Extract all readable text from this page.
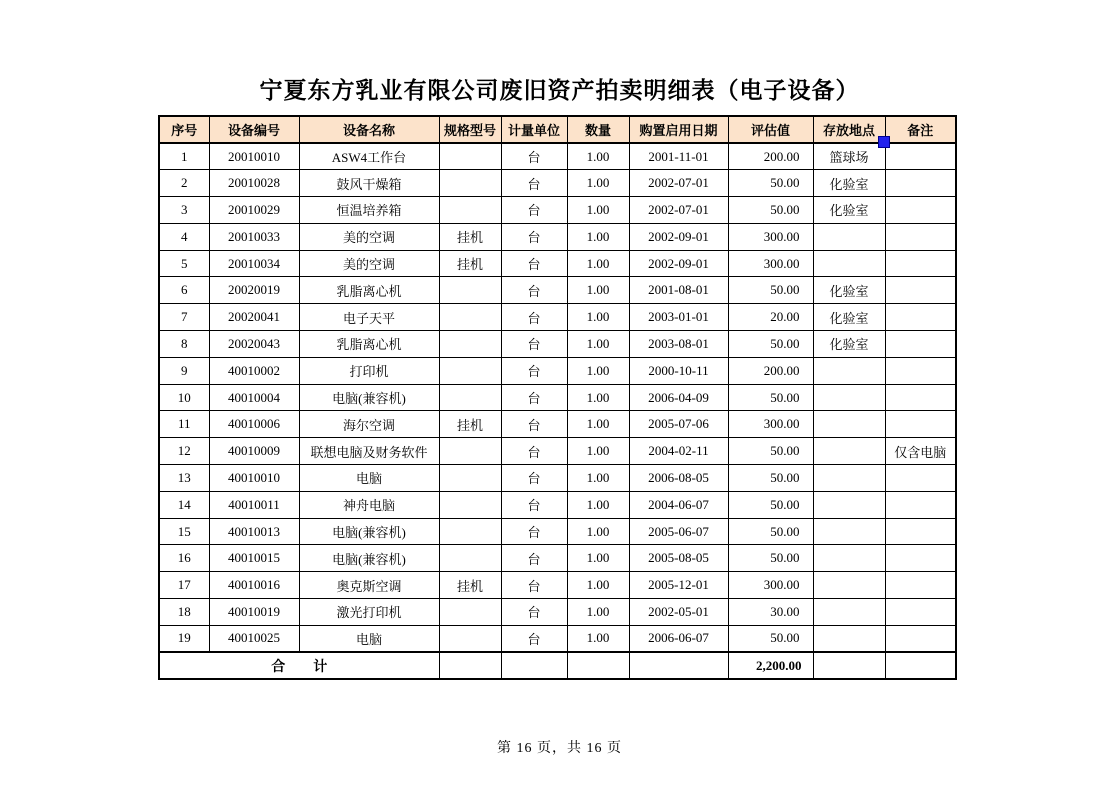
宁夏东方乳业有限公司废旧资产拍卖明细表（电子设备）
序号	设备编号	设备名称	规格型号	计量单位	数量	购置启用日期	评估值	存放地点	备注
1	20010010	ASW4工作台		台	1.00	2001-11-01	200.00	篮球场	
2	20010028	鼓风干燥箱		台	1.00	2002-07-01	50.00	化验室	
3	20010029	恒温培养箱		台	1.00	2002-07-01	50.00	化验室	
4	20010033	美的空调	挂机	台	1.00	2002-09-01	300.00		
5	20010034	美的空调	挂机	台	1.00	2002-09-01	300.00		
6	20020019	乳脂离心机		台	1.00	2001-08-01	50.00	化验室	
7	20020041	电子天平		台	1.00	2003-01-01	20.00	化验室	
8	20020043	乳脂离心机		台	1.00	2003-08-01	50.00	化验室	
9	40010002	打印机		台	1.00	2000-10-11	200.00		
10	40010004	电脑(兼容机)		台	1.00	2006-04-09	50.00		
11	40010006	海尔空调	挂机	台	1.00	2005-07-06	300.00		
12	40010009	联想电脑及财务软件		台	1.00	2004-02-11	50.00		仅含电脑
13	40010010	电脑		台	1.00	2006-08-05	50.00		
14	40010011	神舟电脑		台	1.00	2004-06-07	50.00		
15	40010013	电脑(兼容机)		台	1.00	2005-06-07	50.00		
16	40010015	电脑(兼容机)		台	1.00	2005-08-05	50.00		
17	40010016	奥克斯空调	挂机	台	1.00	2005-12-01	300.00		
18	40010019	激光打印机		台	1.00	2002-05-01	30.00		
19	40010025	电脑		台	1.00	2006-06-07	50.00		
合　　计							2,200.00		
第 16 页，共 16 页
